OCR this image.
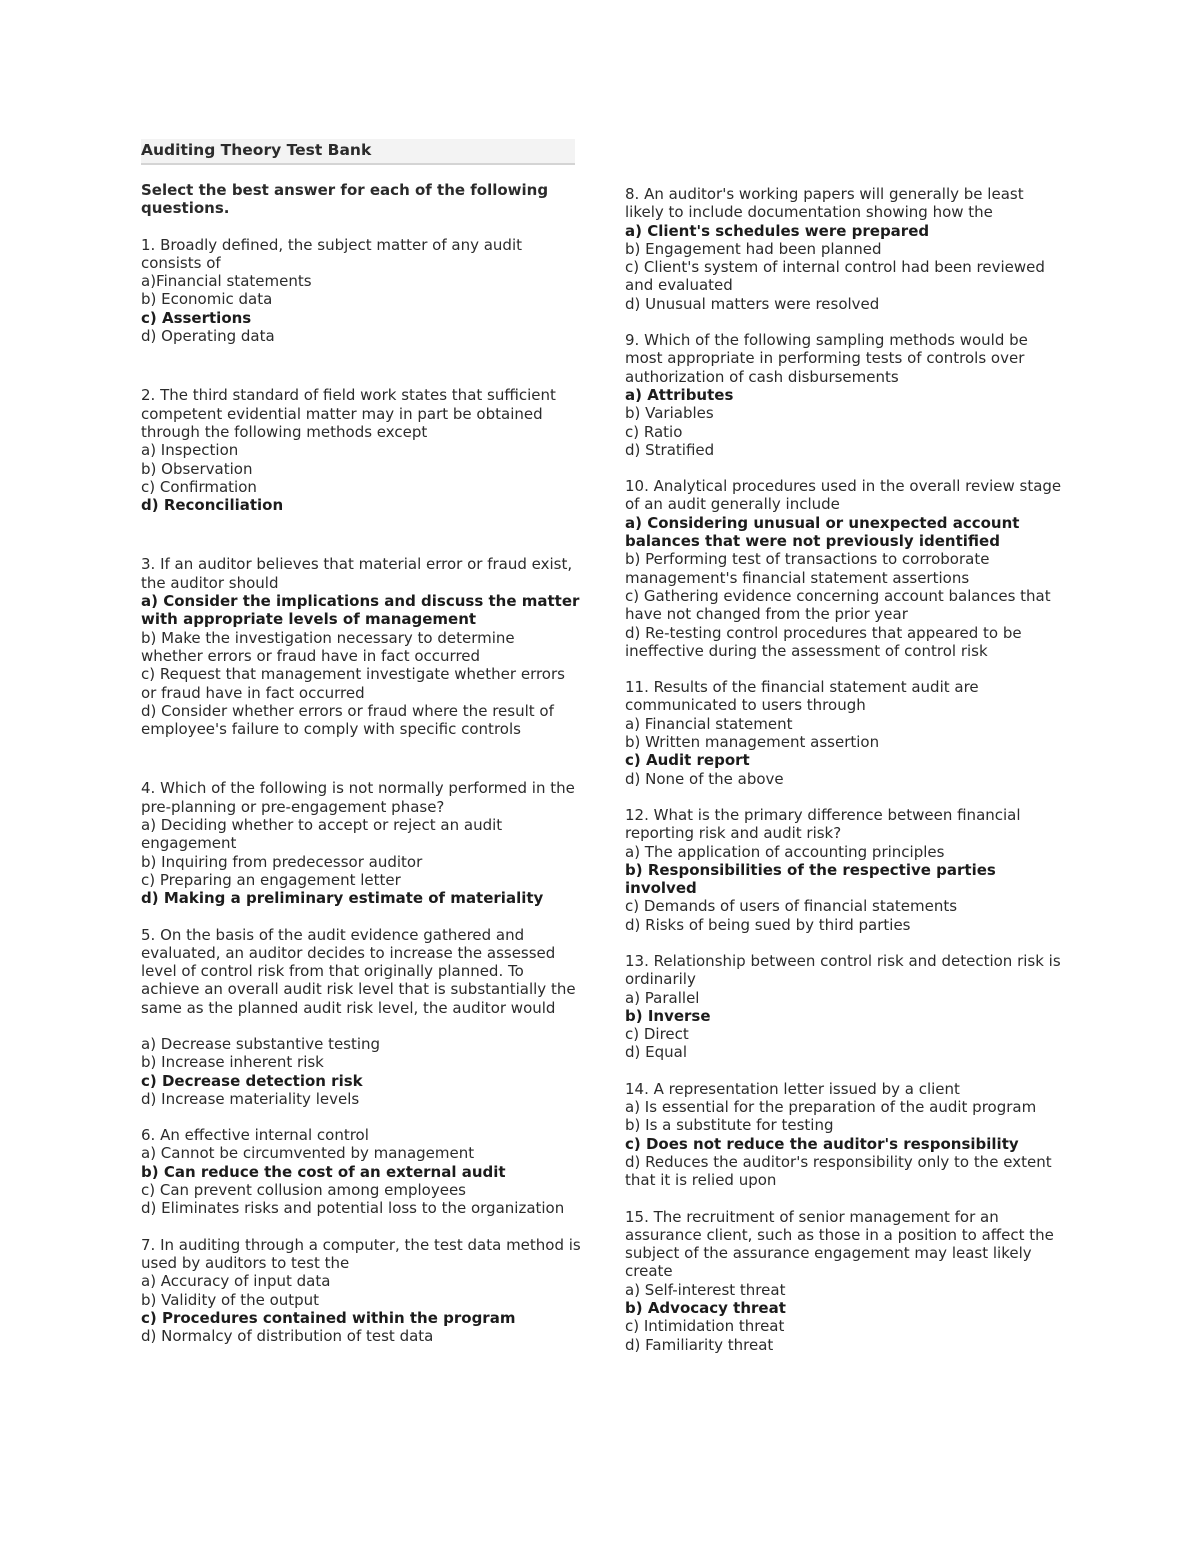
Auditing Theory Test Bank
Select the best answer for each of the following questions.

1. Broadly defined, the subject matter of any audit consists of

a)Financial statements

b) Economic data

c) Assertions

d) Operating data

2. The third standard of field work states that sufficient competent evidential matter may in part be obtained through the following methods except

a) Inspection

b) Observation

c) Confirmation

d) Reconciliation

3. If an auditor believes that material error or fraud exist, the auditor should

a) Consider the implications and discuss the matter with appropriate levels of management

b) Make the investigation necessary to determine whether errors or fraud have in fact occurred

c) Request that management investigate whether errors or fraud have in fact occurred

d) Consider whether errors or fraud where the result of employee's failure to comply with specific controls

4. Which of the following is not normally performed in the pre-planning or pre-engagement phase?

a) Deciding whether to accept or reject an audit engagement

b) Inquiring from predecessor auditor

c) Preparing an engagement letter

d) Making a preliminary estimate of materiality

5. On the basis of the audit evidence gathered and evaluated, an auditor decides to increase the assessed level of control risk from that originally planned. To achieve an overall audit risk level that is substantially the same as the planned audit risk level, the auditor would

a) Decrease substantive testing

b) Increase inherent risk

c) Decrease detection risk

d) Increase materiality levels

6. An effective internal control

a) Cannot be circumvented by management

b) Can reduce the cost of an external audit

c) Can prevent collusion among employees

d) Eliminates risks and potential loss to the organization

7. In auditing through a computer, the test data method is used by auditors to test the

a) Accuracy of input data

b) Validity of the output

c) Procedures contained within the program

d) Normalcy of distribution of test data

8. An auditor's working papers will generally be least likely to include documentation showing how the

a) Client's schedules were prepared

b) Engagement had been planned

c) Client's system of internal control had been reviewed and evaluated

d) Unusual matters were resolved

9. Which of the following sampling methods would be most appropriate in performing tests of controls over authorization of cash disbursements

a) Attributes

b) Variables

c) Ratio

d) Stratified

10. Analytical procedures used in the overall review stage of an audit generally include

a) Considering unusual or unexpected account balances that were not previously identified

b) Performing test of transactions to corroborate management's financial statement assertions

c) Gathering evidence concerning account balances that have not changed from the prior year

d) Re-testing control procedures that appeared to be ineffective during the assessment of control risk

11. Results of the financial statement audit are communicated to users through

a) Financial statement

b) Written management assertion

c) Audit report

d) None of the above

12. What is the primary difference between financial reporting risk and audit risk?

a) The application of accounting principles

b) Responsibilities of the respective parties involved

c) Demands of users of financial statements

d) Risks of being sued by third parties

13. Relationship between control risk and detection risk is ordinarily

a) Parallel

b) Inverse

c) Direct

d) Equal

14. A representation letter issued by a client

a) Is essential for the preparation of the audit program

b) Is a substitute for testing

c) Does not reduce the auditor's responsibility

d) Reduces the auditor's responsibility only to the extent that it is relied upon

15. The recruitment of senior management for an assurance client, such as those in a position to affect the subject of the assurance engagement may least likely create

a) Self-interest threat

b) Advocacy threat

c) Intimidation threat

d) Familiarity threat
